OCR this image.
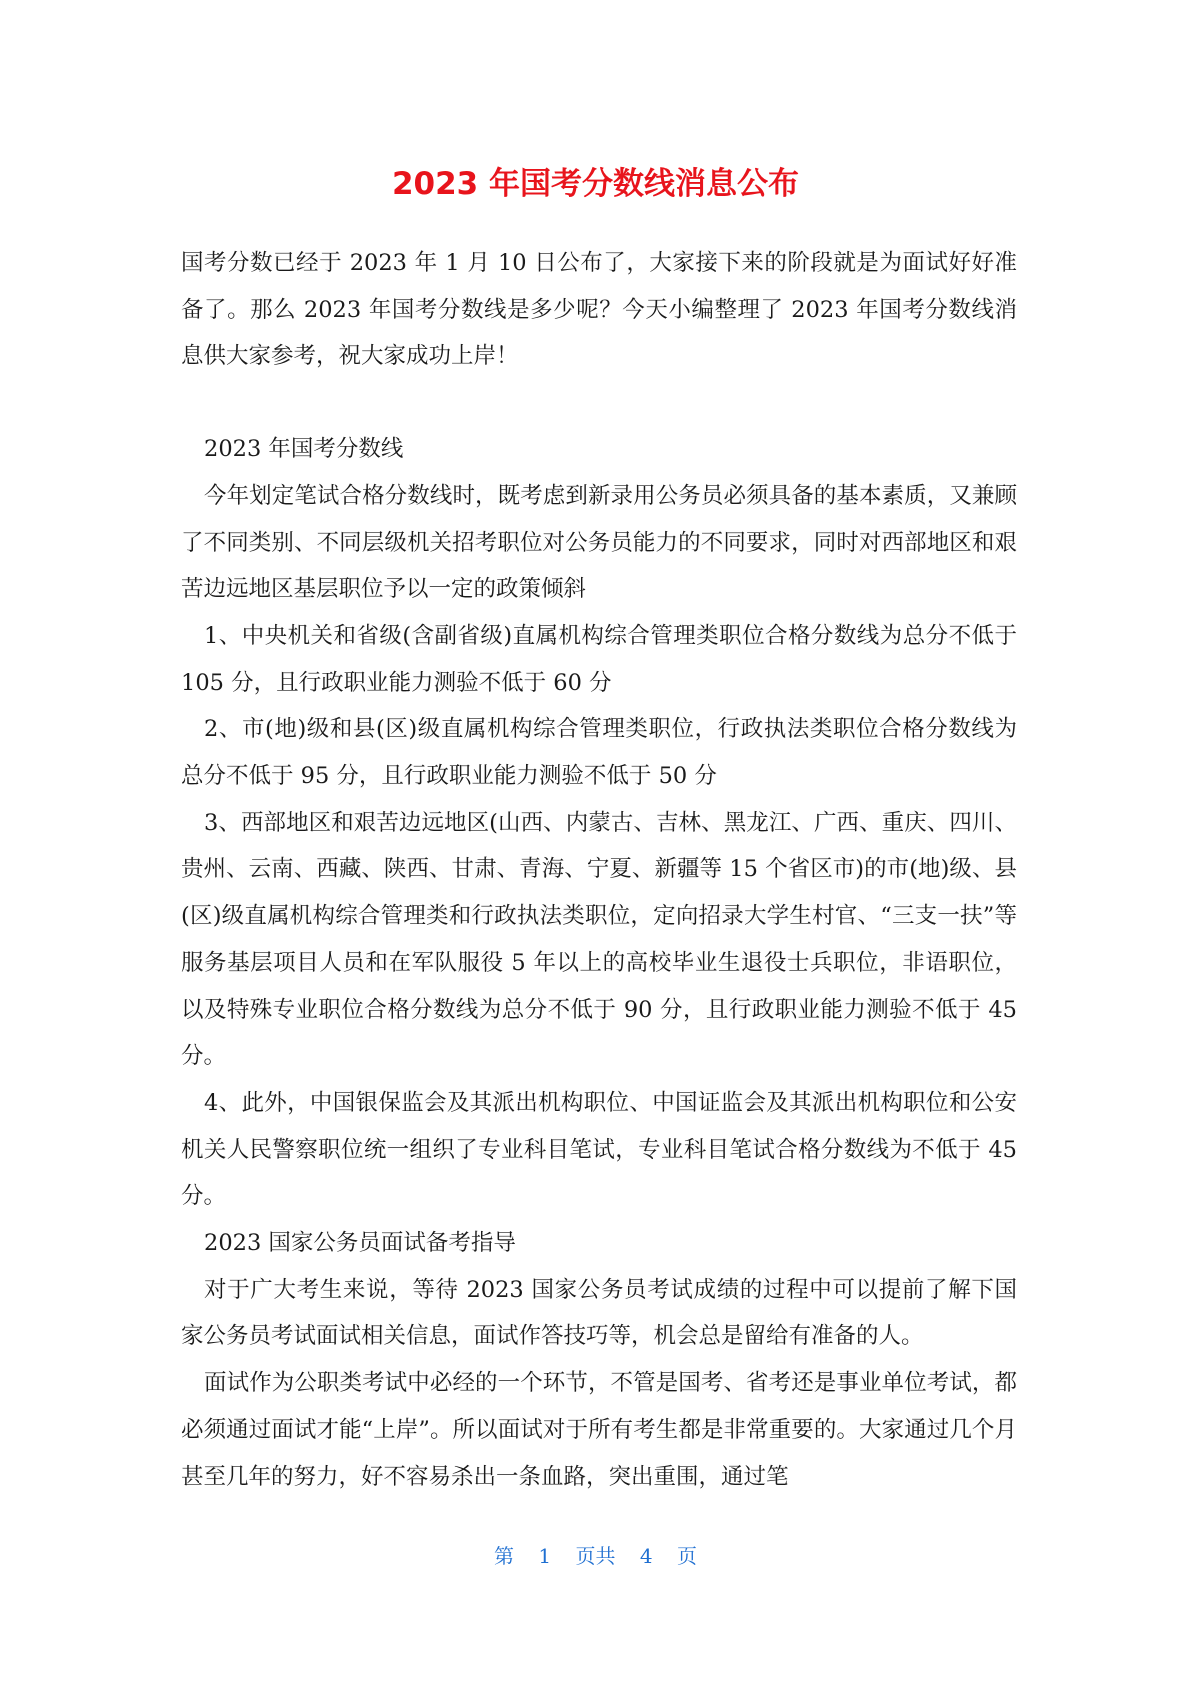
2023 年国考分数线消息公布

国考分数已经于 2023 年 1 月 10 日公布了，大家接下来的阶段就是为面试好好准备了。那么 2023 年国考分数线是多少呢？今天小编整理了 2023 年国考分数线消息供大家参考，祝大家成功上岸！

2023 年国考分数线

今年划定笔试合格分数线时，既考虑到新录用公务员必须具备的基本素质，又兼顾了不同类别、不同层级机关招考职位对公务员能力的不同要求，同时对西部地区和艰苦边远地区基层职位予以一定的政策倾斜

1、中央机关和省级(含副省级)直属机构综合管理类职位合格分数线为总分不低于 105 分，且行政职业能力测验不低于 60 分

2、市(地)级和县(区)级直属机构综合管理类职位，行政执法类职位合格分数线为总分不低于 95 分，且行政职业能力测验不低于 50 分

3、西部地区和艰苦边远地区(山西、内蒙古、吉林、黑龙江、广西、重庆、四川、贵州、云南、西藏、陕西、甘肃、青海、宁夏、新疆等 15 个省区市)的市(地)级、县(区)级直属机构综合管理类和行政执法类职位，定向招录大学生村官、“三支一扶”等服务基层项目人员和在军队服役 5 年以上的高校毕业生退役士兵职位，非语职位，以及特殊专业职位合格分数线为总分不低于 90 分，且行政职业能力测验不低于 45 分。

4、此外，中国银保监会及其派出机构职位、中国证监会及其派出机构职位和公安机关人民警察职位统一组织了专业科目笔试，专业科目笔试合格分数线为不低于 45 分。

2023 国家公务员面试备考指导

对于广大考生来说，等待 2023 国家公务员考试成绩的过程中可以提前了解下国家公务员考试面试相关信息，面试作答技巧等，机会总是留给有准备的人。

面试作为公职类考试中必经的一个环节，不管是国考、省考还是事业单位考试，都必须通过面试才能“上岸”。所以面试对于所有考生都是非常重要的。大家通过几个月甚至几年的努力，好不容易杀出一条血路，突出重围，通过笔

第 1 页共 4 页
